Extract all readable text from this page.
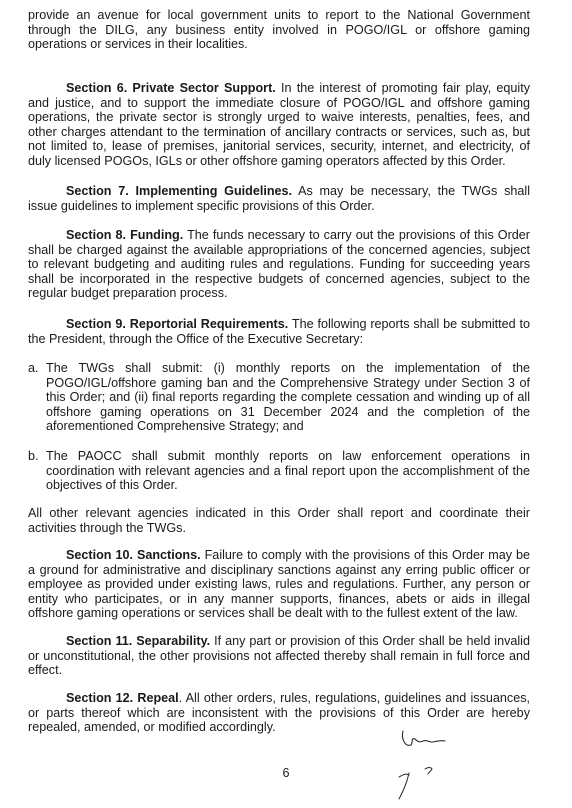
provide an avenue for local government units to report to the National Government through the DILG, any business entity involved in POGO/IGL or offshore gaming operations or services in their localities.

Section 6. Private Sector Support. In the interest of promoting fair play, equity and justice, and to support the immediate closure of POGO/IGL and offshore gaming operations, the private sector is strongly urged to waive interests, penalties, fees, and other charges attendant to the termination of ancillary contracts or services, such as, but not limited to, lease of premises, janitorial services, security, internet, and electricity, of duly licensed POGOs, IGLs or other offshore gaming operators affected by this Order.

Section 7. Implementing Guidelines. As may be necessary, the TWGs shall issue guidelines to implement specific provisions of this Order.

Section 8. Funding. The funds necessary to carry out the provisions of this Order shall be charged against the available appropriations of the concerned agencies, subject to relevant budgeting and auditing rules and regulations. Funding for succeeding years shall be incorporated in the respective budgets of concerned agencies, subject to the regular budget preparation process.

Section 9. Reportorial Requirements. The following reports shall be submitted to the President, through the Office of the Executive Secretary:

a. The TWGs shall submit: (i) monthly reports on the implementation of the POGO/IGL/offshore gaming ban and the Comprehensive Strategy under Section 3 of this Order; and (ii) final reports regarding the complete cessation and winding up of all offshore gaming operations on 31 December 2024 and the completion of the aforementioned Comprehensive Strategy; and
b. The PAOCC shall submit monthly reports on law enforcement operations in coordination with relevant agencies and a final report upon the accomplishment of the objectives of this Order.

All other relevant agencies indicated in this Order shall report and coordinate their activities through the TWGs.

Section 10. Sanctions. Failure to comply with the provisions of this Order may be a ground for administrative and disciplinary sanctions against any erring public officer or employee as provided under existing laws, rules and regulations. Further, any person or entity who participates, or in any manner supports, finances, abets or aids in illegal offshore gaming operations or services shall be dealt with to the fullest extent of the law.

Section 11. Separability. If any part or provision of this Order shall be held invalid or unconstitutional, the other provisions not affected thereby shall remain in full force and effect.

Section 12. Repeal. All other orders, rules, regulations, guidelines and issuances, or parts thereof which are inconsistent with the provisions of this Order are hereby repealed, amended, or modified accordingly.

6
